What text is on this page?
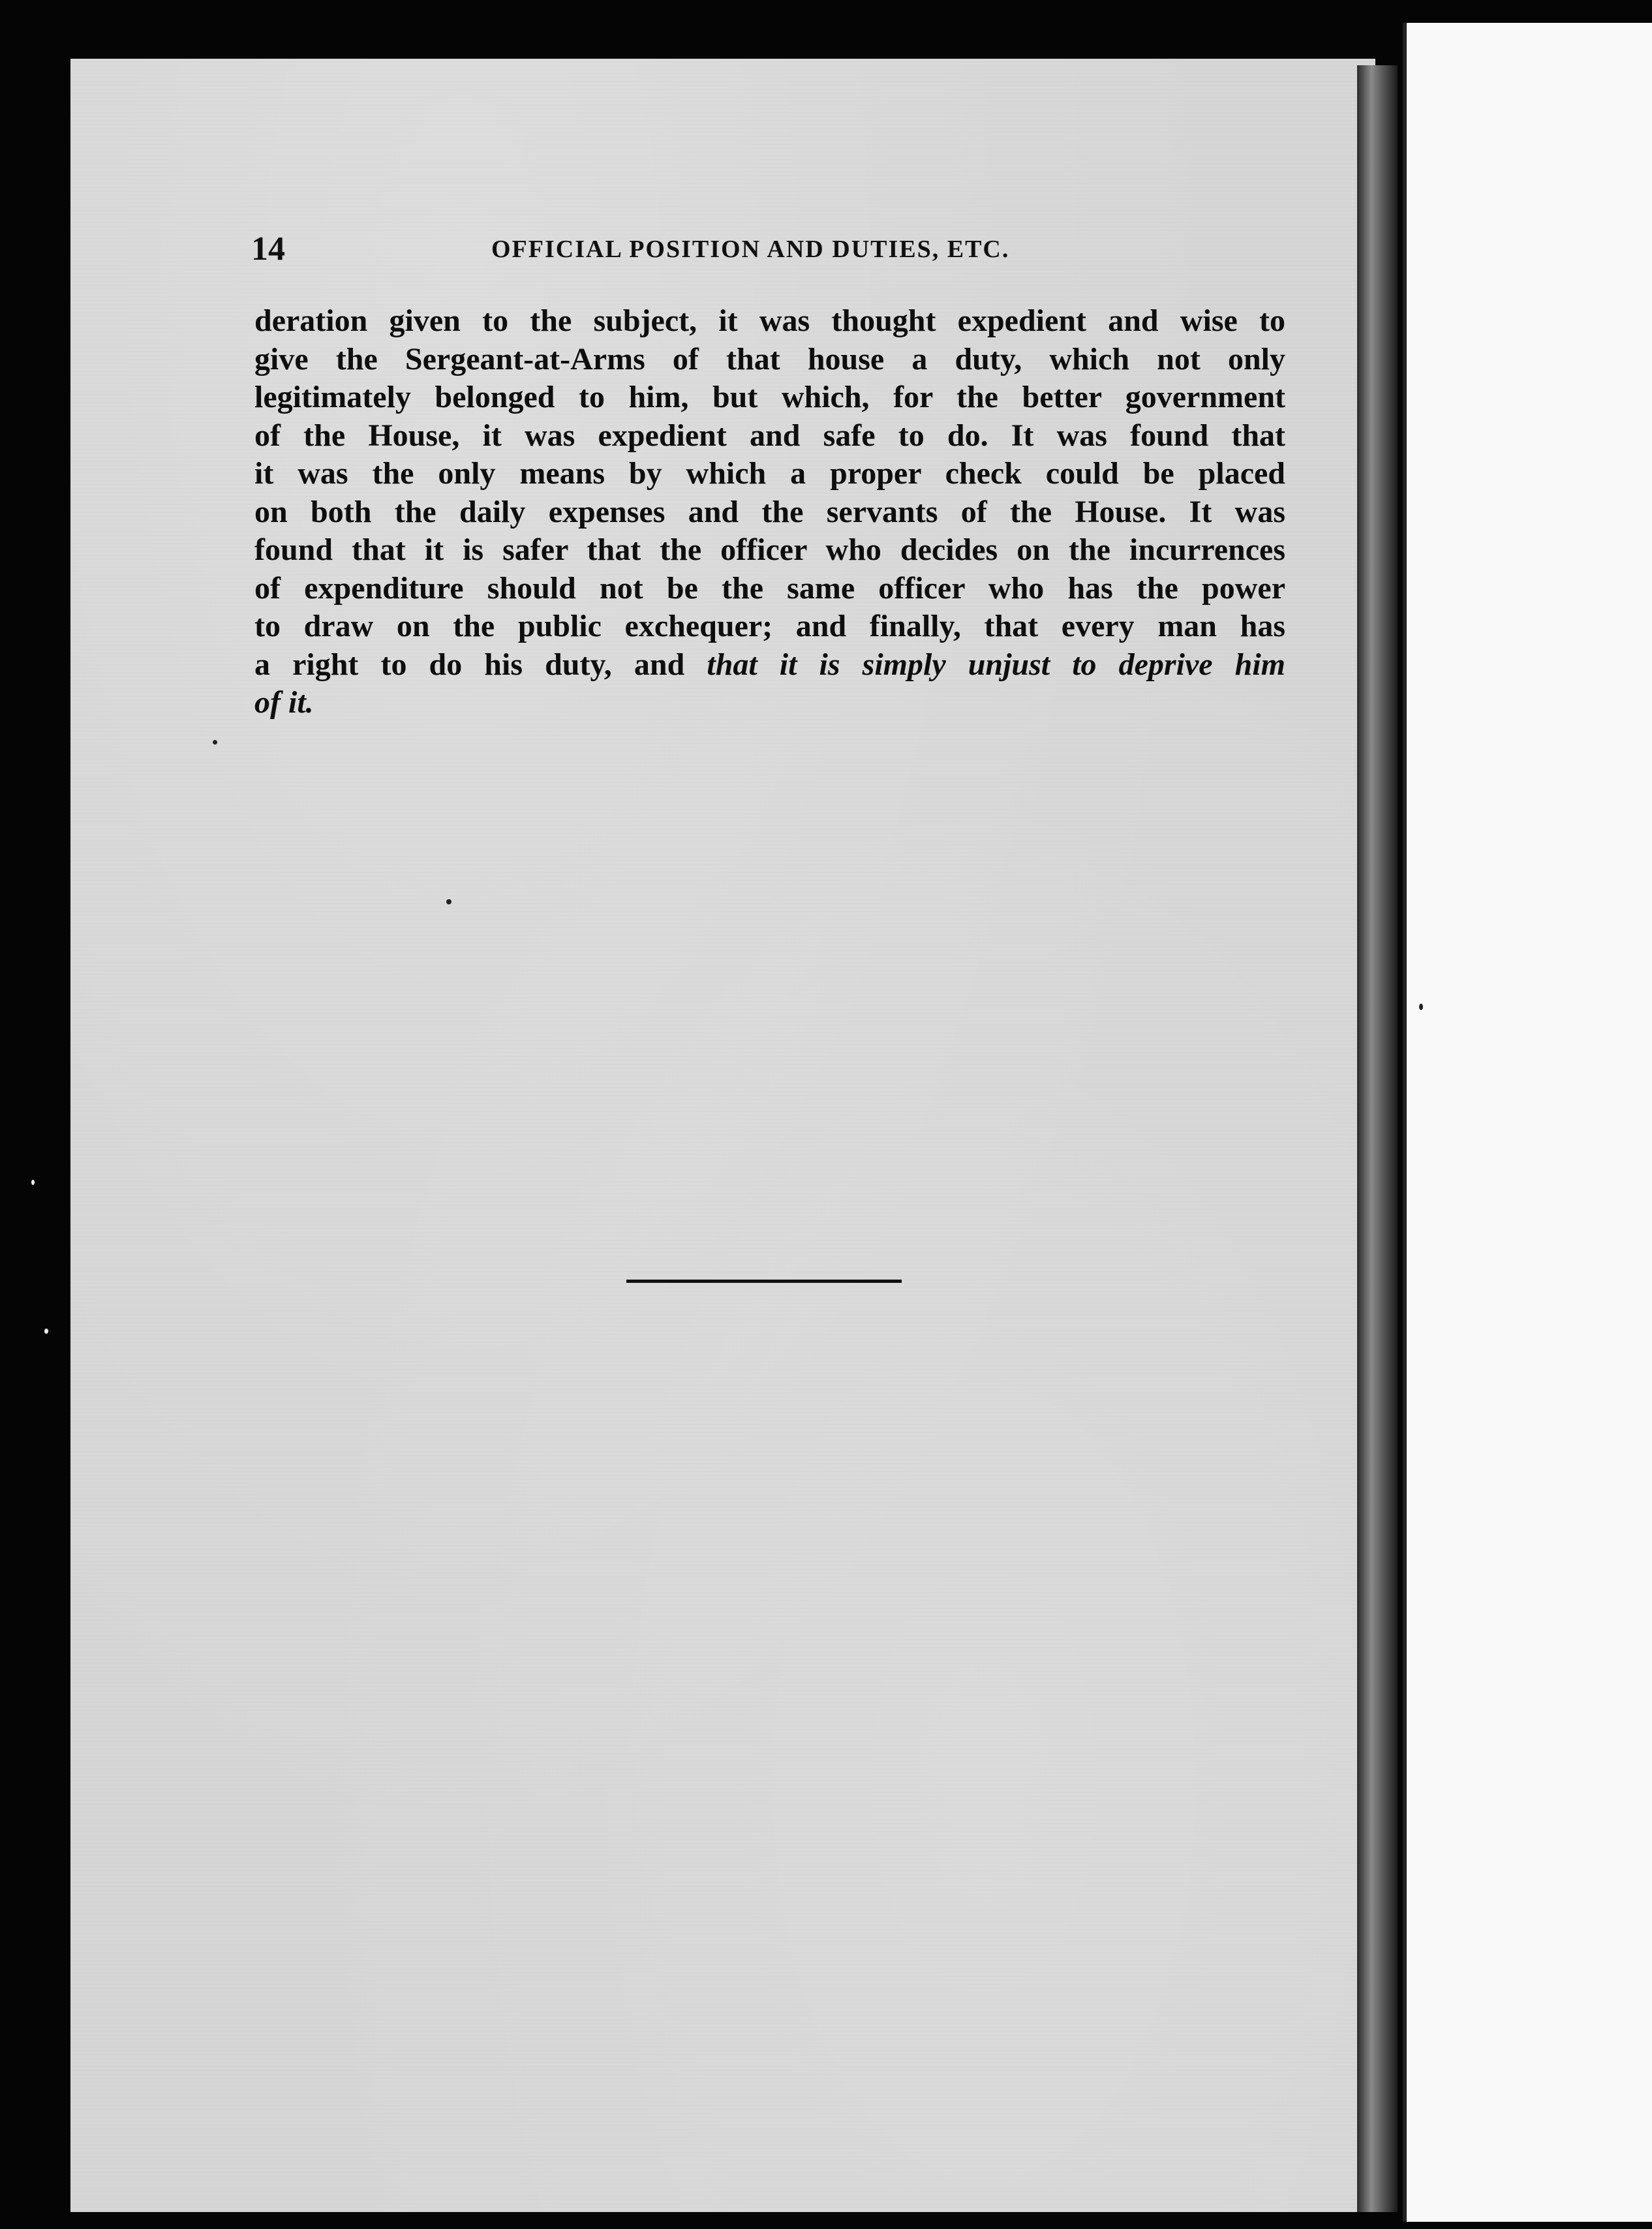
14	OFFICIAL POSITION AND DUTIES, ETC.
deration given to the subject, it was thought expedient and wise to
give the Sergeant-at-Arms of that house a duty, which not only
legitimately belonged to him, but which, for the better government
of the House, it was expedient and safe to do. It was found that
it was the only means by which a proper check could be placed
on both the daily expenses and the servants of the House. It was
found that it is safer that the officer who decides on the incurrences
of expenditure should not be the same officer who has the power
to draw on the public exchequer; and finally, that every man has
a right to do his duty, and that it is simply unjust to deprive him
of it.
